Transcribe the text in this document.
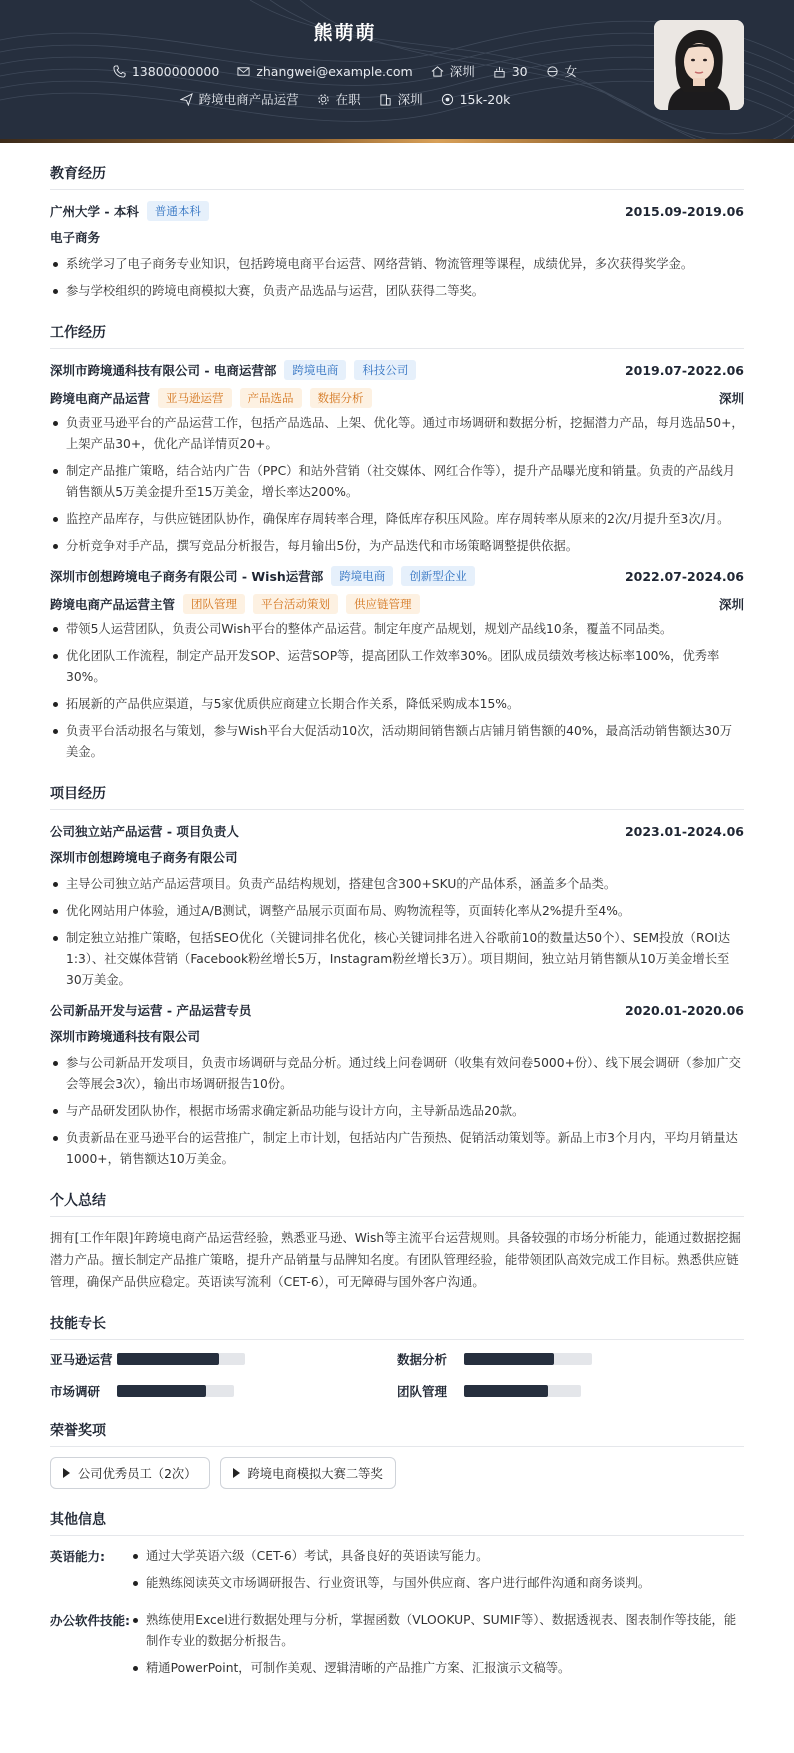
熊萌萌
13800000000	zhangwei@example.com	深圳	30	女
跨境电商产品运营	在职	深圳	15k-20k
教育经历
广州大学 - 本科	普通本科	2015.09-2019.06
电子商务
系统学习了电子商务专业知识，包括跨境电商平台运营、网络营销、物流管理等课程，成绩优异，多次获得奖学金。
参与学校组织的跨境电商模拟大赛，负责产品选品与运营，团队获得二等奖。
工作经历
深圳市跨境通科技有限公司 - 电商运营部	跨境电商	科技公司	2019.07-2022.06
跨境电商产品运营	亚马逊运营	产品选品	数据分析	深圳
负责亚马逊平台的产品运营工作，包括产品选品、上架、优化等。通过市场调研和数据分析，挖掘潜力产品，每月选品50+，上架产品30+，优化产品详情页20+。
制定产品推广策略，结合站内广告（PPC）和站外营销（社交媒体、网红合作等），提升产品曝光度和销量。负责的产品线月销售额从5万美金提升至15万美金，增长率达200%。
监控产品库存，与供应链团队协作，确保库存周转率合理，降低库存积压风险。库存周转率从原来的2次/月提升至3次/月。
分析竞争对手产品，撰写竞品分析报告，每月输出5份，为产品迭代和市场策略调整提供依据。
深圳市创想跨境电子商务有限公司 - Wish运营部	跨境电商	创新型企业	2022.07-2024.06
跨境电商产品运营主管	团队管理	平台活动策划	供应链管理	深圳
带领5人运营团队，负责公司Wish平台的整体产品运营。制定年度产品规划，规划产品线10条，覆盖不同品类。
优化团队工作流程，制定产品开发SOP、运营SOP等，提高团队工作效率30%。团队成员绩效考核达标率100%，优秀率30%。
拓展新的产品供应渠道，与5家优质供应商建立长期合作关系，降低采购成本15%。
负责平台活动报名与策划，参与Wish平台大促活动10次，活动期间销售额占店铺月销售额的40%，最高活动销售额达30万美金。
项目经历
公司独立站产品运营 - 项目负责人	2023.01-2024.06
深圳市创想跨境电子商务有限公司
主导公司独立站产品运营项目。负责产品结构规划，搭建包含300+SKU的产品体系，涵盖多个品类。
优化网站用户体验，通过A/B测试，调整产品展示页面布局、购物流程等，页面转化率从2%提升至4%。
制定独立站推广策略，包括SEO优化（关键词排名优化，核心关键词排名进入谷歌前10的数量达50个）、SEM投放（ROI达1:3）、社交媒体营销（Facebook粉丝增长5万，Instagram粉丝增长3万）。项目期间，独立站月销售额从10万美金增长至30万美金。
公司新品开发与运营 - 产品运营专员	2020.01-2020.06
深圳市跨境通科技有限公司
参与公司新品开发项目，负责市场调研与竞品分析。通过线上问卷调研（收集有效问卷5000+份）、线下展会调研（参加广交会等展会3次），输出市场调研报告10份。
与产品研发团队协作，根据市场需求确定新品功能与设计方向，主导新品选品20款。
负责新品在亚马逊平台的运营推广，制定上市计划，包括站内广告预热、促销活动策划等。新品上市3个月内，平均月销量达1000+，销售额达10万美金。
个人总结

拥有[工作年限]年跨境电商产品运营经验，熟悉亚马逊、Wish等主流平台运营规则。具备较强的市场分析能力，能通过数据挖掘潜力产品。擅长制定产品推广策略，提升产品销量与品牌知名度。有团队管理经验，能带领团队高效完成工作目标。熟悉供应链管理，确保产品供应稳定。英语读写流利（CET-6），可无障碍与国外客户沟通。

技能专长
亚马逊运营	数据分析
市场调研	团队管理
荣誉奖项
公司优秀员工（2次）	跨境电商模拟大赛二等奖
其他信息
英语能力:	通过大学英语六级（CET-6）考试，具备良好的英语读写能力。
能熟练阅读英文市场调研报告、行业资讯等，与国外供应商、客户进行邮件沟通和商务谈判。
办公软件技能:	熟练使用Excel进行数据处理与分析，掌握函数（VLOOKUP、SUMIF等）、数据透视表、图表制作等技能，能制作专业的数据分析报告。
精通PowerPoint，可制作美观、逻辑清晰的产品推广方案、汇报演示文稿等。
